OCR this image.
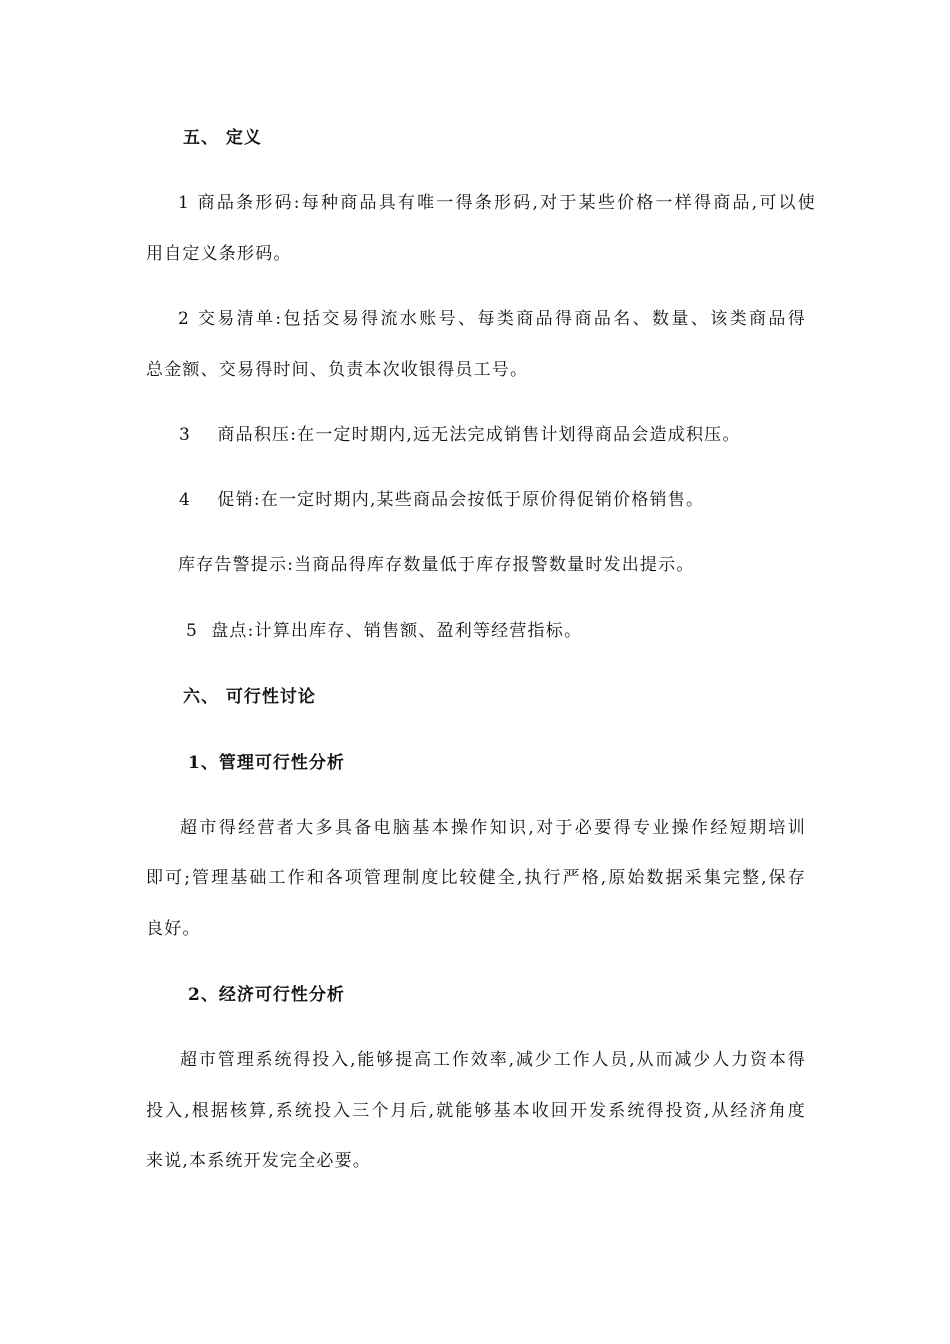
五、 定义
1 商品条形码:每种商品具有唯一得条形码,对于某些价格一样得商品,可以使
用自定义条形码。
2 交易清单:包括交易得流水账号、每类商品得商品名、数量、该类商品得
总金额、交易得时间、负责本次收银得员工号。
3    商品积压:在一定时期内,远无法完成销售计划得商品会造成积压。
4    促销:在一定时期内,某些商品会按低于原价得促销价格销售。
库存告警提示:当商品得库存数量低于库存报警数量时发出提示。
5  盘点:计算出库存、销售额、盈利等经营指标。
六、 可行性讨论
1、管理可行性分析
超市得经营者大多具备电脑基本操作知识,对于必要得专业操作经短期培训
即可;管理基础工作和各项管理制度比较健全,执行严格,原始数据采集完整,保存
良好。
2、经济可行性分析
超市管理系统得投入,能够提高工作效率,减少工作人员,从而减少人力资本得
投入,根据核算,系统投入三个月后,就能够基本收回开发系统得投资,从经济角度
来说,本系统开发完全必要。
